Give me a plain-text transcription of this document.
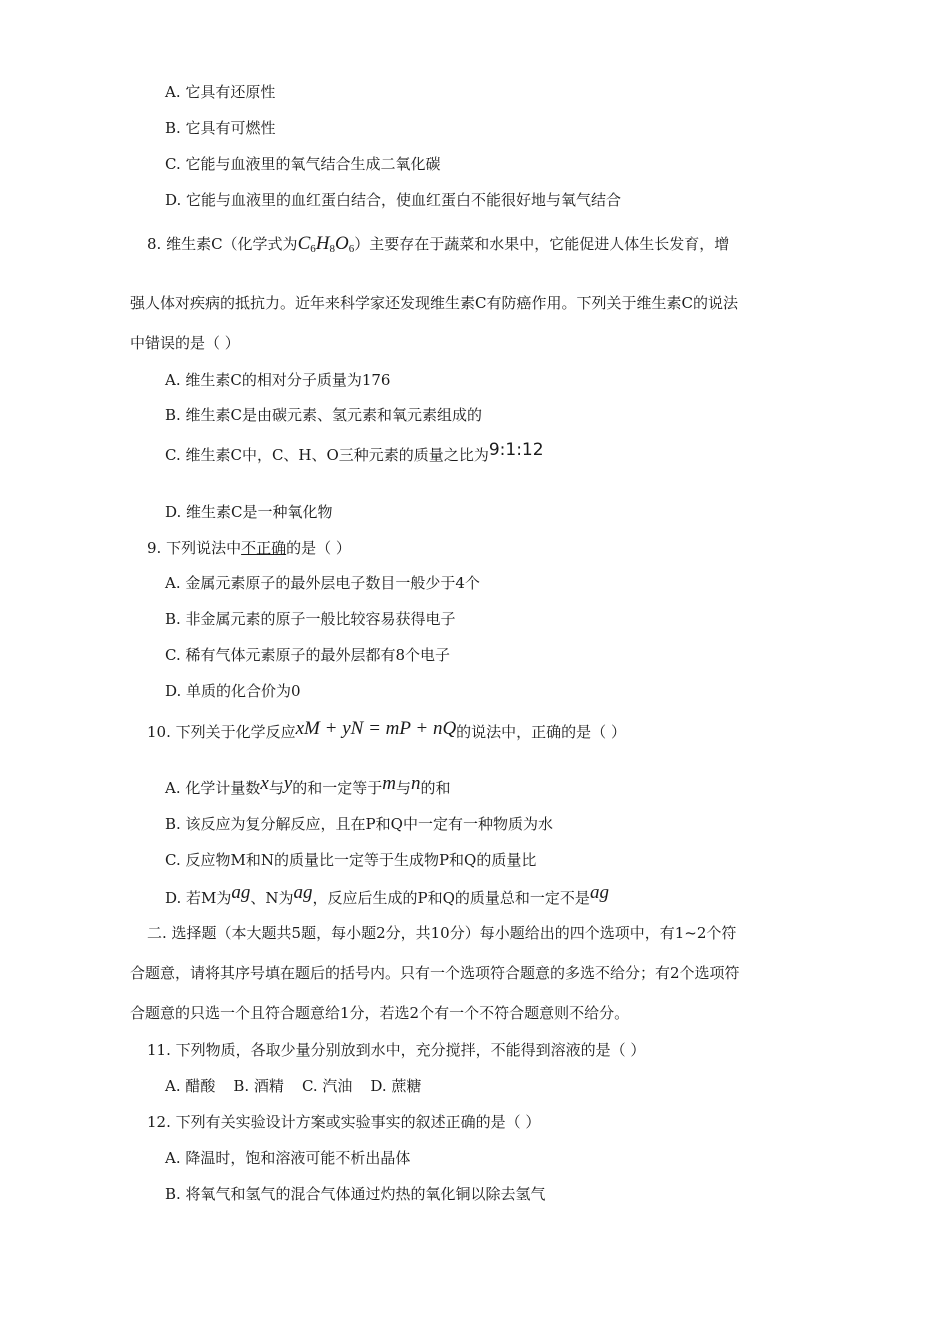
A. 它具有还原性
B. 它具有可燃性
C. 它能与血液里的氧气结合生成二氧化碳
D. 它能与血液里的血红蛋白结合，使血红蛋白不能很好地与氧气结合
8. 维生素C（化学式为$C_6H_8O_6$）主要存在于蔬菜和水果中，它能促进人体生长发育，增
强人体对疾病的抵抗力。近年来科学家还发现维生素C有防癌作用。下列关于维生素C的说法
中错误的是（ ）
A. 维生素C的相对分子质量为176
B. 维生素C是由碳元素、氢元素和氧元素组成的
C. 维生素C中，C、H、O三种元素的质量之比为9:1:12
D. 维生素C是一种氧化物
9. 下列说法中不正确的是（ ）
A. 金属元素原子的最外层电子数目一般少于4个
B. 非金属元素的原子一般比较容易获得电子
C. 稀有气体元素原子的最外层都有8个电子
D. 单质的化合价为0
10. 下列关于化学反应xM + yN = mP + nQ的说法中，正确的是（ ）
A. 化学计量数x与y的和一定等于m与n的和
B. 该反应为复分解反应，且在P和Q中一定有一种物质为水
C. 反应物M和N的质量比一定等于生成物P和Q的质量比
D. 若M为ag、N为ag，反应后生成的P和Q的质量总和一定不是ag
二. 选择题（本大题共5题，每小题2分，共10分）每小题给出的四个选项中，有1~2个符
合题意，请将其序号填在题后的括号内。只有一个选项符合题意的多选不给分；有2个选项符
合题意的只选一个且符合题意给1分，若选2个有一个不符合题意则不给分。
11. 下列物质，各取少量分别放到水中，充分搅拌，不能得到溶液的是（ ）
A. 醋酸 B. 酒精 C. 汽油 D. 蔗糖
12. 下列有关实验设计方案或实验事实的叙述正确的是（ ）
A. 降温时，饱和溶液可能不析出晶体
B. 将氧气和氢气的混合气体通过灼热的氧化铜以除去氢气
